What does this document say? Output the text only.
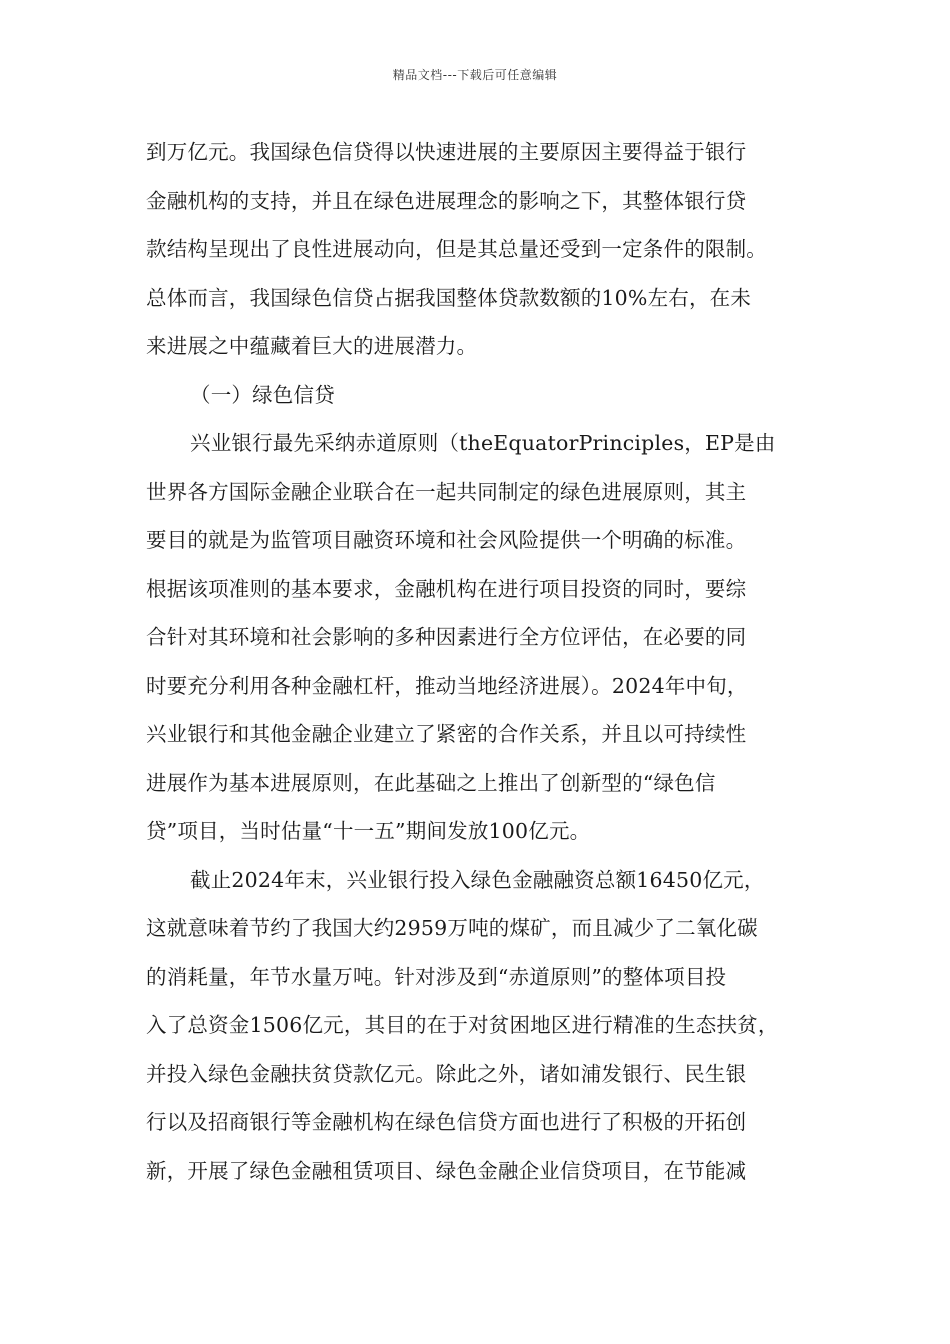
精品文档---下载后可任意编辑
到万亿元。我国绿色信贷得以快速进展的主要原因主要得益于银行
金融机构的支持，并且在绿色进展理念的影响之下，其整体银行贷
款结构呈现出了良性进展动向，但是其总量还受到一定条件的限制。
总体而言，我国绿色信贷占据我国整体贷款数额的10%左右，在未
来进展之中蕴藏着巨大的进展潜力。
（一）绿色信贷
兴业银行最先采纳赤道原则（theEquatorPrinciples，EP是由
世界各方国际金融企业联合在一起共同制定的绿色进展原则，其主
要目的就是为监管项目融资环境和社会风险提供一个明确的标准。
根据该项准则的基本要求，金融机构在进行项目投资的同时，要综
合针对其环境和社会影响的多种因素进行全方位评估，在必要的同
时要充分利用各种金融杠杆，推动当地经济进展）。2024年中旬，
兴业银行和其他金融企业建立了紧密的合作关系，并且以可持续性
进展作为基本进展原则，在此基础之上推出了创新型的“绿色信
贷”项目，当时估量“十一五”期间发放100亿元。
截止2024年末，兴业银行投入绿色金融融资总额16450亿元，
这就意味着节约了我国大约2959万吨的煤矿，而且减少了二氧化碳
的消耗量，年节水量万吨。针对涉及到“赤道原则”的整体项目投
入了总资金1506亿元，其目的在于对贫困地区进行精准的生态扶贫，
并投入绿色金融扶贫贷款亿元。除此之外，诸如浦发银行、民生银
行以及招商银行等金融机构在绿色信贷方面也进行了积极的开拓创
新，开展了绿色金融租赁项目、绿色金融企业信贷项目，在节能减
